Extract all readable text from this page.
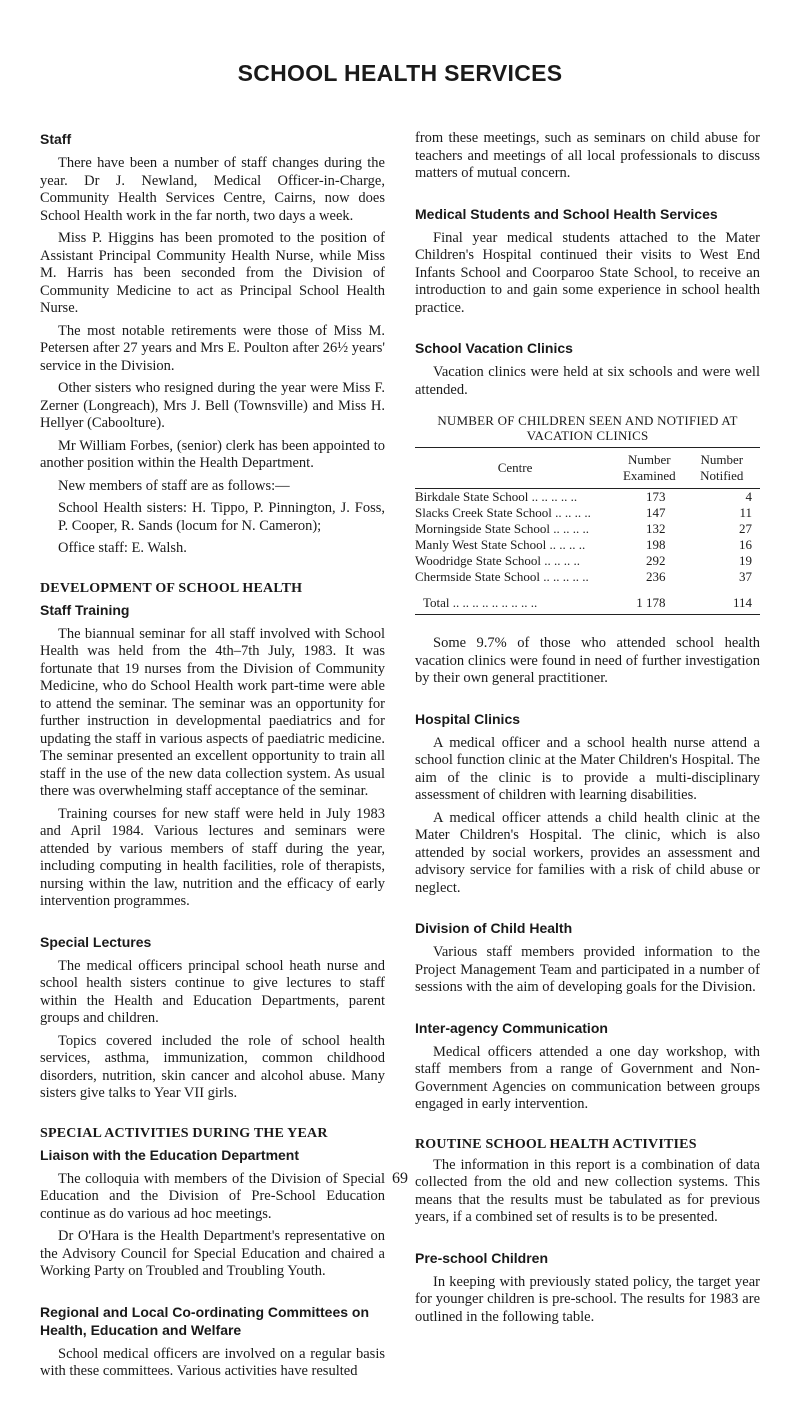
SCHOOL HEALTH SERVICES
Staff

There have been a number of staff changes during the year. Dr J. Newland, Medical Officer-in-Charge, Community Health Services Centre, Cairns, now does School Health work in the far north, two days a week.

Miss P. Higgins has been promoted to the position of Assistant Principal Community Health Nurse, while Miss M. Harris has been seconded from the Division of Community Medicine to act as Principal School Health Nurse.

The most notable retirements were those of Miss M. Petersen after 27 years and Mrs E. Poulton after 26½ years' service in the Division.

Other sisters who resigned during the year were Miss F. Zerner (Longreach), Mrs J. Bell (Townsville) and Miss H. Hellyer (Caboolture).

Mr William Forbes, (senior) clerk has been appointed to another position within the Health Department.

New members of staff are as follows:—

School Health sisters: H. Tippo, P. Pinnington, J. Foss, P. Cooper, R. Sands (locum for N. Cameron);

Office staff: E. Walsh.

DEVELOPMENT OF SCHOOL HEALTH
Staff Training

The biannual seminar for all staff involved with School Health was held from the 4th–7th July, 1983. It was fortunate that 19 nurses from the Division of Community Medicine, who do School Health work part-time were able to attend the seminar. The seminar was an opportunity for further instruction in developmental paediatrics and for updating the staff in various aspects of paediatric medicine. The seminar presented an excellent opportunity to train all staff in the use of the new data collection system. As usual there was overwhelming staff acceptance of the seminar.

Training courses for new staff were held in July 1983 and April 1984. Various lectures and seminars were attended by various members of staff during the year, including computing in health facilities, role of therapists, nursing within the law, nutrition and the efficacy of early intervention programmes.

Special Lectures

The medical officers principal school heath nurse and school health sisters continue to give lectures to staff within the Health and Education Departments, parent groups and children.

Topics covered included the role of school health services, asthma, immunization, common childhood disorders, nutrition, skin cancer and alcohol abuse. Many sisters give talks to Year VII girls.

SPECIAL ACTIVITIES DURING THE YEAR
Liaison with the Education Department

The colloquia with members of the Division of Special Education and the Division of Pre-School Education continue as do various ad hoc meetings.

Dr O'Hara is the Health Department's representative on the Advisory Council for Special Education and chaired a Working Party on Troubled and Troubling Youth.

Regional and Local Co-ordinating Committees on Health, Education and Welfare

School medical officers are involved on a regular basis with these committees. Various activities have resulted

from these meetings, such as seminars on child abuse for teachers and meetings of all local professionals to discuss matters of mutual concern.

Medical Students and School Health Services

Final year medical students attached to the Mater Children's Hospital continued their visits to West End Infants School and Coorparoo State School, to receive an introduction to and gain some experience in school health practice.

School Vacation Clinics

Vacation clinics were held at six schools and were well attended.

NUMBER OF CHILDREN SEEN AND NOTIFIED AT VACATION CLINICS
Centre	Number Examined	Number Notified
Birkdale State School .. .. .. .. ..	173	4
Slacks Creek State School .. .. .. ..	147	11
Morningside State School .. .. .. ..	132	27
Manly West State School .. .. .. ..	198	16
Woodridge State School .. .. .. ..	292	19
Chermside State School .. .. .. .. ..	236	37
Total .. .. .. .. .. .. .. .. ..	1 178	114

Some 9.7% of those who attended school health vacation clinics were found in need of further investigation by their own general practitioner.

Hospital Clinics

A medical officer and a school health nurse attend a school function clinic at the Mater Children's Hospital. The aim of the clinic is to provide a multi-disciplinary assessment of children with learning disabilities.

A medical officer attends a child health clinic at the Mater Children's Hospital. The clinic, which is also attended by social workers, provides an assessment and advisory service for families with a risk of child abuse or neglect.

Division of Child Health

Various staff members provided information to the Project Management Team and participated in a number of sessions with the aim of developing goals for the Division.

Inter-agency Communication

Medical officers attended a one day workshop, with staff members from a range of Government and Non-Government Agencies on communication between groups engaged in early intervention.

ROUTINE SCHOOL HEALTH ACTIVITIES

The information in this report is a combination of data collected from the old and new collection systems. This means that the results must be tabulated as for previous years, if a combined set of results is to be presented.

Pre-school Children

In keeping with previously stated policy, the target year for younger children is pre-school. The results for 1983 are outlined in the following table.

69
